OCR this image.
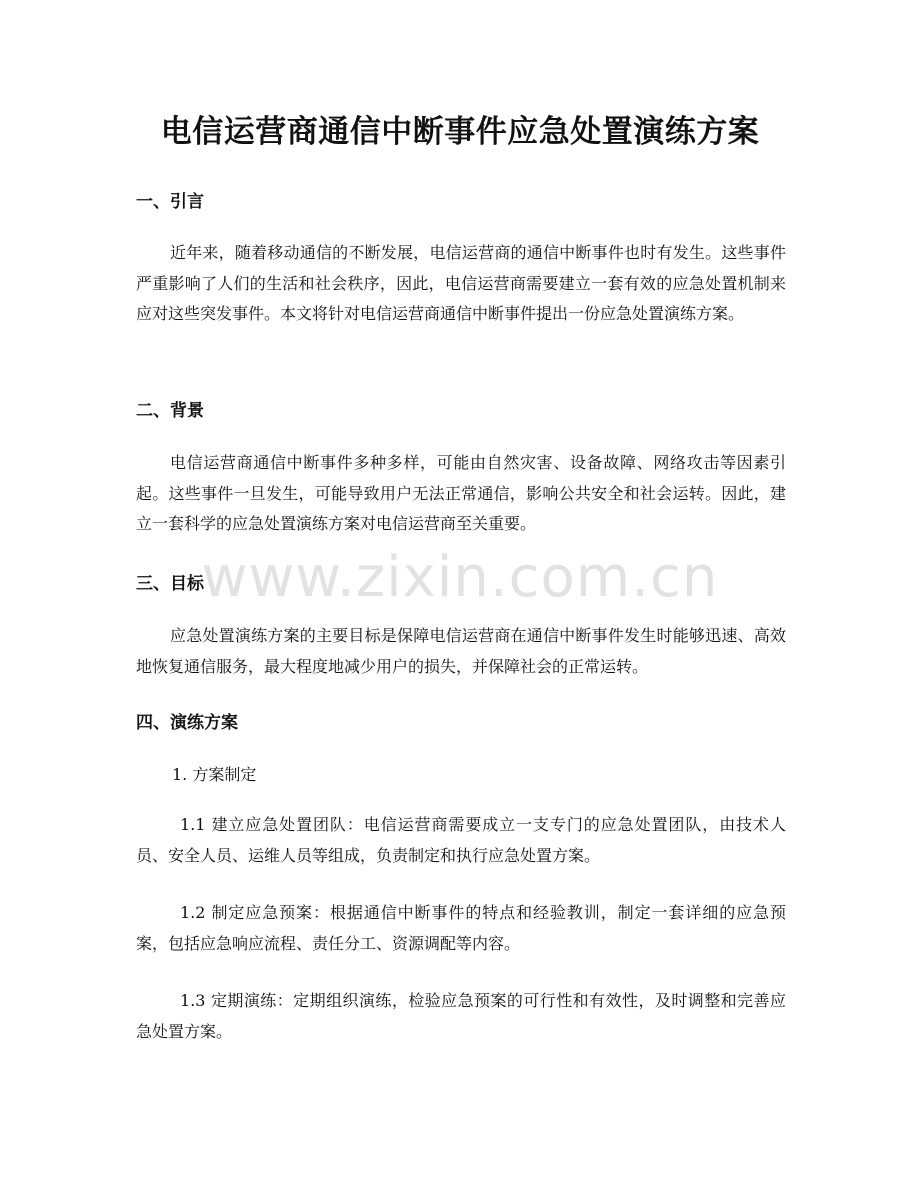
电信运营商通信中断事件应急处置演练方案
一、引言

近年来，随着移动通信的不断发展，电信运营商的通信中断事件也时有发生。这些事件严重影响了人们的生活和社会秩序，因此，电信运营商需要建立一套有效的应急处置机制来应对这些突发事件。本文将针对电信运营商通信中断事件提出一份应急处置演练方案。

二、背景

电信运营商通信中断事件多种多样，可能由自然灾害、设备故障、网络攻击等因素引起。这些事件一旦发生，可能导致用户无法正常通信，影响公共安全和社会运转。因此，建立一套科学的应急处置演练方案对电信运营商至关重要。

三、目标

应急处置演练方案的主要目标是保障电信运营商在通信中断事件发生时能够迅速、高效地恢复通信服务，最大程度地减少用户的损失，并保障社会的正常运转。

四、演练方案

1. 方案制定

1.1 建立应急处置团队：电信运营商需要成立一支专门的应急处置团队，由技术人员、安全人员、运维人员等组成，负责制定和执行应急处置方案。

1.2 制定应急预案：根据通信中断事件的特点和经验教训，制定一套详细的应急预案，包括应急响应流程、责任分工、资源调配等内容。

1.3 定期演练：定期组织演练，检验应急预案的可行性和有效性，及时调整和完善应急处置方案。

www.zixin.com.cn
